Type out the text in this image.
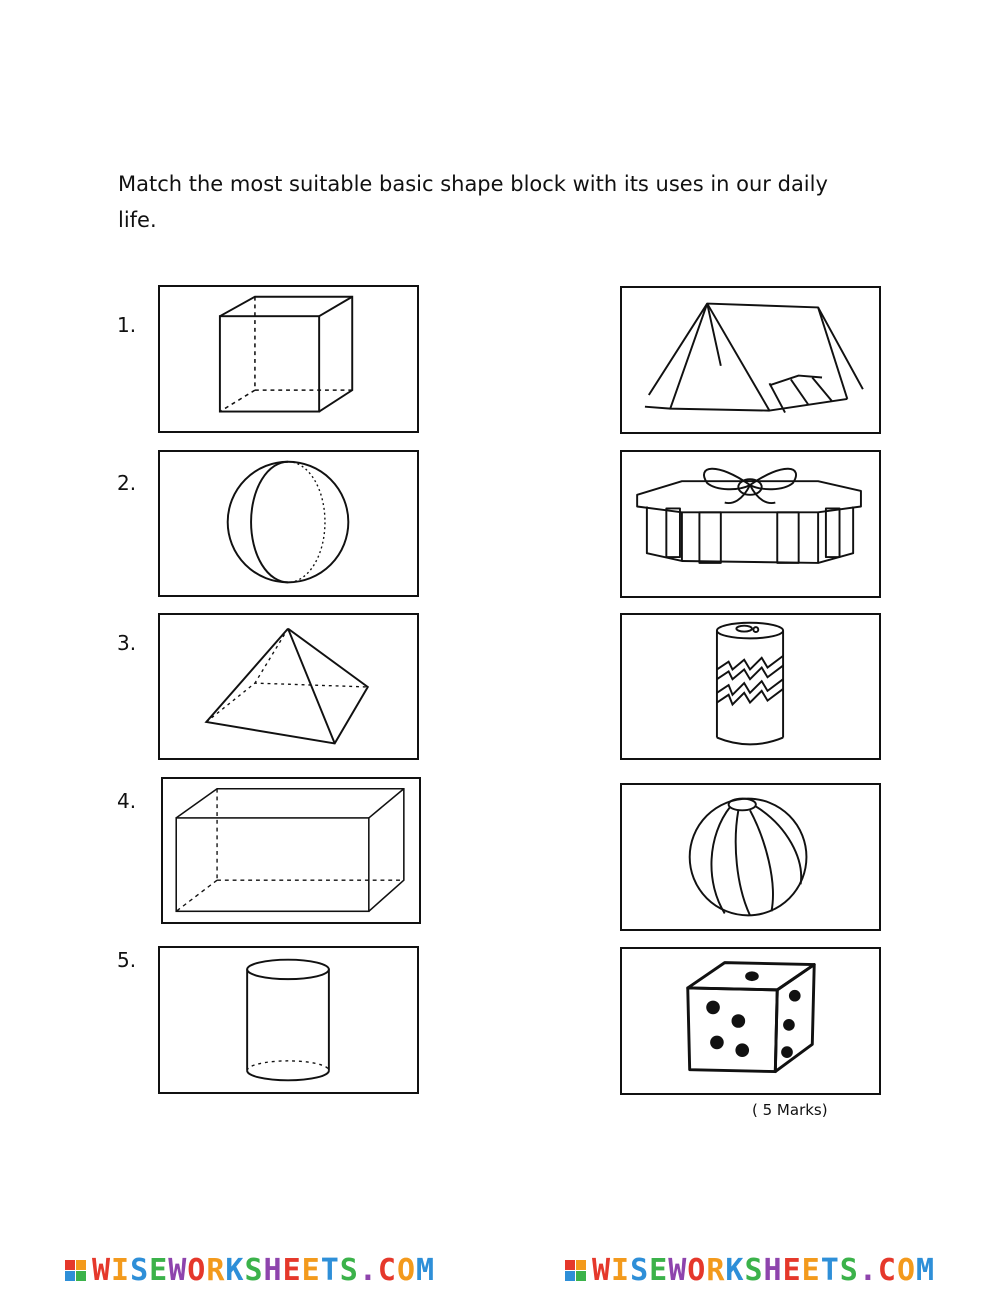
Match the most suitable basic shape block with its uses in our daily life.

1.
2.
3.
4.
5.
( 5 Marks)
WISEWORKSHEETS.COM	WISEWORKSHEETS.COM
